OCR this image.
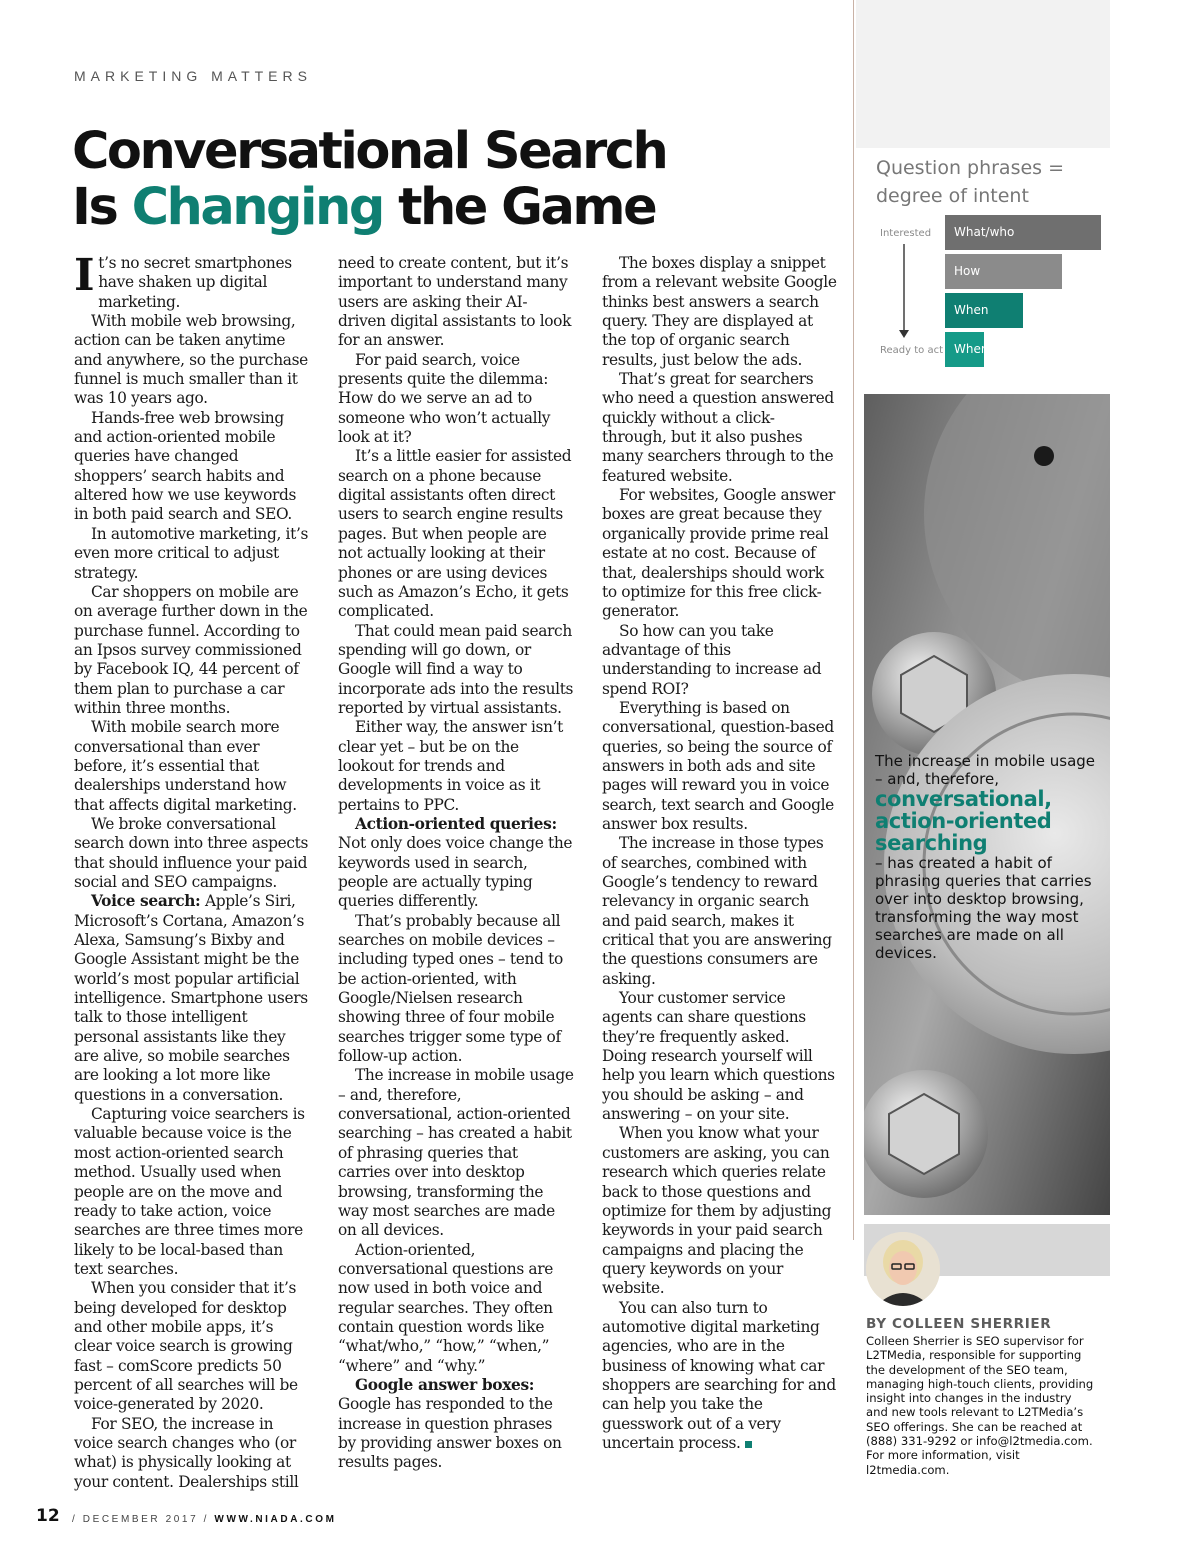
MARKETING MATTERS
Conversational Search
Is Changing the Game

It’s no secret smartphones have shaken up digital marketing.

With mobile web browsing, action can be taken anytime and anywhere, so the purchase funnel is much smaller than it was 10 years ago.

Hands-free web browsing and action-oriented mobile queries have changed shoppers’ search habits and altered how we use keywords in both paid search and SEO.

In automotive marketing, it’s even more critical to adjust strategy.

Car shoppers on mobile are on average further down in the purchase funnel. According to an Ipsos survey commissioned by Facebook IQ, 44 percent of them plan to purchase a car within three months.

With mobile search more conversational than ever before, it’s essential that dealerships understand how that affects digital marketing.

We broke conversational search down into three aspects that should influence your paid social and SEO campaigns.

Voice search: Apple’s Siri, Microsoft’s Cortana, Amazon’s Alexa, Samsung’s Bixby and Google Assistant might be the world’s most popular artificial intelligence. Smartphone users talk to those intelligent personal assistants like they are alive, so mobile searches are looking a lot more like questions in a conversation.

Capturing voice searchers is valuable because voice is the most action-oriented search method. Usually used when people are on the move and ready to take action, voice searches are three times more likely to be local-based than text searches.

When you consider that it’s being developed for desktop and other mobile apps, it’s clear voice search is growing fast – comScore predicts 50 percent of all searches will be voice-generated by 2020.

For SEO, the increase in voice search changes who (or what) is physically looking at your content. Dealerships still

need to create content, but it’s important to understand many users are asking their AI-driven digital assistants to look for an answer.

For paid search, voice presents quite the dilemma: How do we serve an ad to someone who won’t actually look at it?

It’s a little easier for assisted search on a phone because digital assistants often direct users to search engine results pages. But when people are not actually looking at their phones or are using devices such as Amazon’s Echo, it gets complicated.

That could mean paid search spending will go down, or Google will find a way to incorporate ads into the results reported by virtual assistants.

Either way, the answer isn’t clear yet – but be on the lookout for trends and developments in voice as it pertains to PPC.

Action-oriented queries:

Not only does voice change the keywords used in search, people are actually typing queries differently.

That’s probably because all searches on mobile devices – including typed ones – tend to be action-oriented, with Google/Nielsen research showing three of four mobile searches trigger some type of follow-up action.

The increase in mobile usage – and, therefore, conversational, action-oriented searching – has created a habit of phrasing queries that carries over into desktop browsing, transforming the way most searches are made on all devices.

Action-oriented, conversational questions are now used in both voice and regular searches. They often contain question words like “what/who,” “how,” “when,” “where” and “why.”

Google answer boxes:

Google has responded to the increase in question phrases by providing answer boxes on results pages.

The boxes display a snippet from a relevant website Google thinks best answers a search query. They are displayed at the top of organic search results, just below the ads.

That’s great for searchers who need a question answered quickly without a click-through, but it also pushes many searchers through to the featured website.

For websites, Google answer boxes are great because they organically provide prime real estate at no cost. Because of that, dealerships should work to optimize for this free click-generator.

So how can you take advantage of this understanding to increase ad spend ROI?

Everything is based on conversational, question-based queries, so being the source of answers in both ads and site pages will reward you in voice search, text search and Google answer box results.

The increase in those types of searches, combined with Google’s tendency to reward relevancy in organic search and paid search, makes it critical that you are answering the questions consumers are asking.

Your customer service agents can share questions they’re frequently asked. Doing research yourself will help you learn which questions you should be asking – and answering – on your site.

When you know what your customers are asking, you can research which queries relate back to those questions and optimize for them by adjusting keywords in your paid search campaigns and placing the query keywords on your website.

You can also turn to automotive digital marketing agencies, who are in the business of knowing what car shoppers are searching for and can help you take the guesswork out of a very uncertain process.

Question phrases = degree of intent

Interested
Ready to act
What/who
How
When
Where
The increase in mobile usage – and, therefore,
conversational, action-oriented searching
– has created a habit of phrasing queries that carries over into desktop browsing, transforming the way most searches are made on all devices.
BY COLLEEN SHERRIER

Colleen Sherrier is SEO supervisor for L2TMedia, responsible for supporting the development of the SEO team, managing high-touch clients, providing insight into changes in the industry and new tools relevant to L2TMedia’s SEO offerings. She can be reached at (888) 331-9292 or info@l2tmedia.com. For more information, visit l2tmedia.com.

12 / DECEMBER 2017 / WWW.NIADA.COM
